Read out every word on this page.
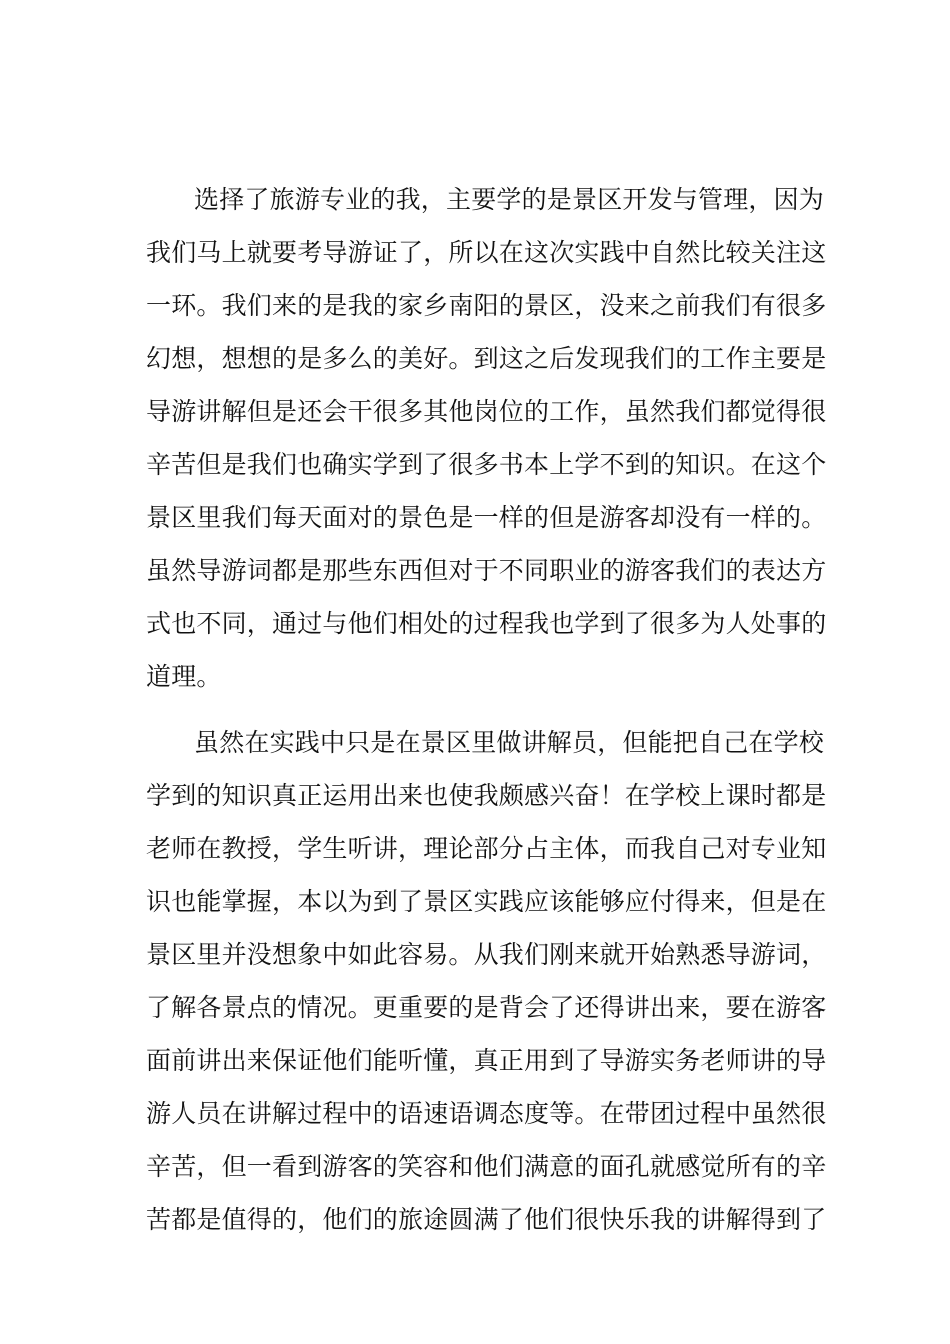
选择了旅游专业的我，主要学的是景区开发与管理，因为
我们马上就要考导游证了，所以在这次实践中自然比较关注这
一环。我们来的是我的家乡南阳的景区，没来之前我们有很多
幻想，想想的是多么的美好。到这之后发现我们的工作主要是
导游讲解但是还会干很多其他岗位的工作，虽然我们都觉得很
辛苦但是我们也确实学到了很多书本上学不到的知识。在这个
景区里我们每天面对的景色是一样的但是游客却没有一样的。
虽然导游词都是那些东西但对于不同职业的游客我们的表达方
式也不同，通过与他们相处的过程我也学到了很多为人处事的
道理。
虽然在实践中只是在景区里做讲解员，但能把自己在学校
学到的知识真正运用出来也使我颇感兴奋！在学校上课时都是
老师在教授，学生听讲，理论部分占主体，而我自己对专业知
识也能掌握，本以为到了景区实践应该能够应付得来，但是在
景区里并没想象中如此容易。从我们刚来就开始熟悉导游词，
了解各景点的情况。更重要的是背会了还得讲出来，要在游客
面前讲出来保证他们能听懂，真正用到了导游实务老师讲的导
游人员在讲解过程中的语速语调态度等。在带团过程中虽然很
辛苦，但一看到游客的笑容和他们满意的面孔就感觉所有的辛
苦都是值得的，他们的旅途圆满了他们很快乐我的讲解得到了
